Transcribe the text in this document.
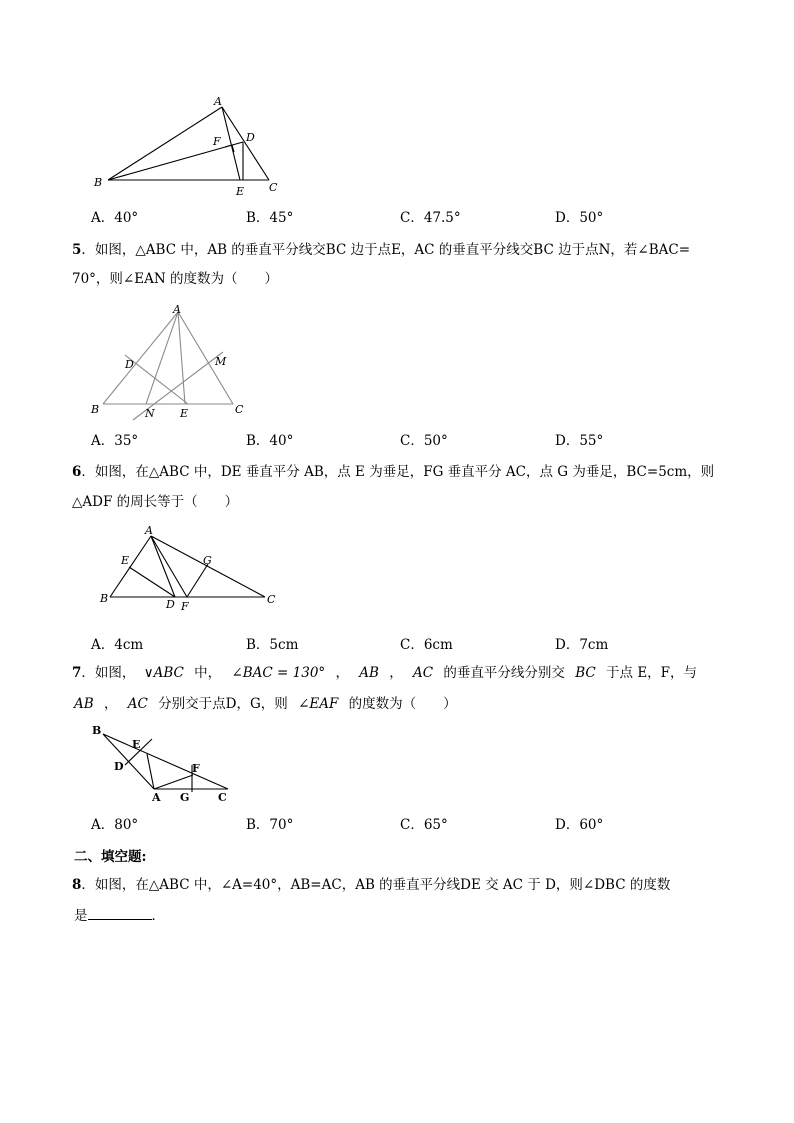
A
B	C
D
E
F
A．40°	B．45°	C．47.5°	D．50°
5．如图，△ABC 中，AB 的垂直平分线交BC 边于点E，AC 的垂直平分线交BC 边于点N，若∠BAC=
70°，则∠EAN 的度数为（　　）
A
B	C
D
E
M
N
A．35°	B．40°	C．50°	D．55°
6．如图，在△ABC 中，DE 垂直平分 AB，点 E 为垂足，FG 垂直平分 AC，点 G 为垂足，BC=5cm，则
△ADF 的周长等于（　　）
A
B	C
D
E
F
G
A．4cm	B．5cm	C．6cm	D．7cm
7．如图， ∨ABC 中， ∠BAC = 130° ， AB ， AC 的垂直平分线分别交 BC 于点 E，F，与
AB ， AC 分别交于点D，G，则 ∠EAF 的度数为（　　）
B
E
D	F
A G	C
A．80°	B．70°	C．65°	D．60°
二、填空题:
8．如图，在△ABC 中，∠A=40°，AB=AC，AB 的垂直平分线DE 交 AC 于 D，则∠DBC 的度数
是	．
